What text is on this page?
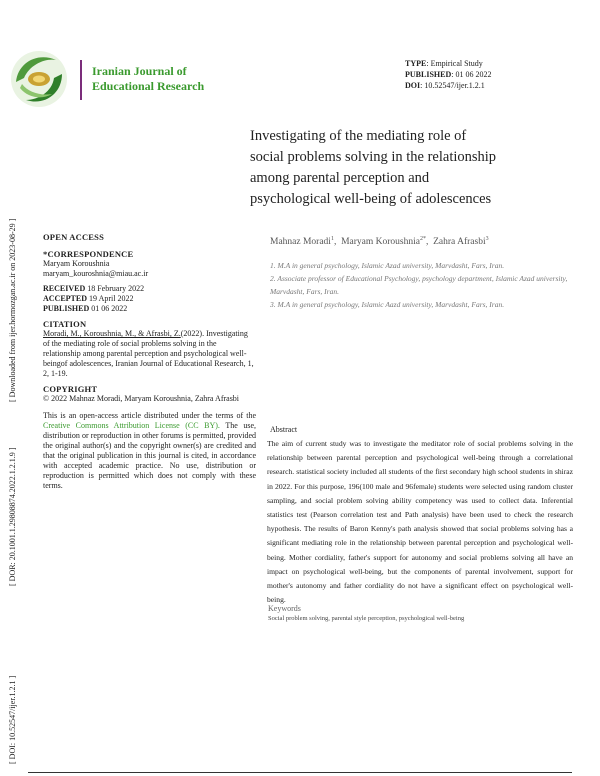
Iranian Journal of
Educational Research
TYPE: Empirical Study
PUBLISHED: 01 06 2022
DOI: 10.52547/ijer.1.2.1
[ Downloaded from ijer.hormozgan.ac.ir on 2023-08-29 ]
[ DOR: 20.1001.1.29808874.2022.1.2.1.9 ]
[ DOI: 10.52547/ijer.1.2.1 ]
Investigating of the mediating role of social problems solving in the relationship among parental perception and psychological well-being of adolescences
Mahnaz Moradi$^1$,  Maryam Koroushnia$^{2*}$,  Zahra Afrasbi$^3$
1. M.A in general psychology, Islamic Azad university, Marvdasht, Fars, Iran.
2. Associate professor of Educational Psychology, psychology department, Islamic Azad university, Marvdasht, Fars, Iran.
3. M.A in general psychology, Islamic Aazd university, Marvdasht, Fars, Iran.
OPEN ACCESS
*CORRESPONDENCE
Maryam Koroushnia
maryam_kouroshnia@miau.ac.ir
RECEIVED 18 February 2022
ACCEPTED 19 April 2022
PUBLISHED 01 06 2022
CITATION
Moradi, M., Koroushnia, M., & Afrasbi, Z.(2022). Investigating of the mediating role of social problems solving in the relationship among parental perception and psychological well-beingof adolescences, Iranian Journal of Educational Research, 1, 2, 1-19.
COPYRIGHT
© 2022 Mahnaz Moradi, Maryam Koroushnia, Zahra Afrasbi
This is an open-access article distributed under the terms of the Creative Commons Attribution License (CC BY). The use, distribution or reproduction in other forums is permitted, provided the original author(s) and the copyright owner(s) are credited and that the original publication in this journal is cited, in accordance with accepted academic practice. No use, distribution or reproduction is permitted which does not comply with these terms.
Abstract
The aim of current study was to investigate the meditator role of social problems solving in the relationship between parental perception and psychological well-being through a correlational research. statistical society included all students of the first secondary high school students in shiraz in 2022. For this purpose, 196(100 male and 96female) students were selected using random cluster sampling, and social problem solving ability competency was used to collect data. Inferential statistics test (Pearson correlation test and Path analysis) have been used to check the research hypothesis. The results of Baron Kenny's path analysis showed that social problems solving has a significant mediating role in the relationship between parental perception and psychological well-being. Mother cordiality, father's support for autonomy and social problems solving all have an impact on psychological well-being, but the components of parental involvement, support for mother's autonomy and father cordiality do not have a significant effect on psychological well-being.
Keywords
Social problem solving, parental style perception, psychological well-being
